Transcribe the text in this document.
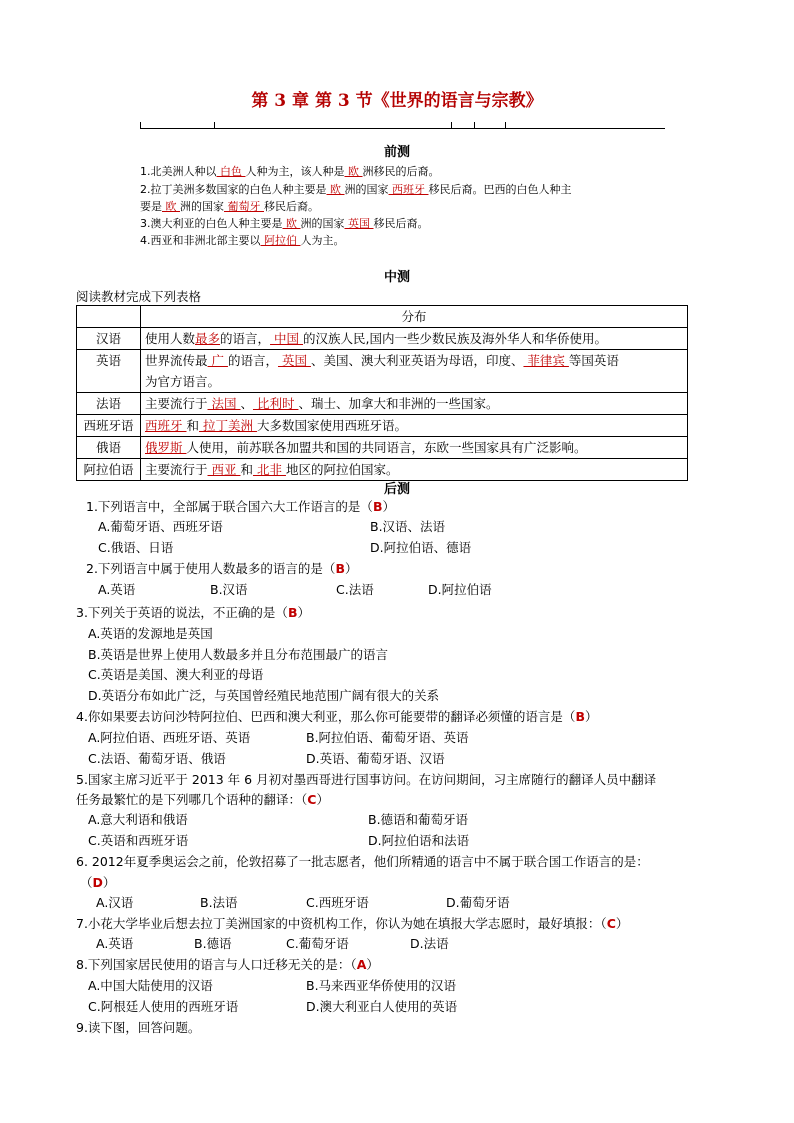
第 3 章 第 3 节《世界的语言与宗教》
前测
1.北美洲人种以 白色 人种为主，该人种是 欧 洲移民的后裔。
2.拉丁美洲多数国家的白色人种主要是 欧 洲的国家 西班牙 移民后裔。巴西的白色人种主
要是 欧 洲的国家 葡萄牙 移民后裔。
3.澳大利亚的白色人种主要是 欧 洲的国家 英国 移民后裔。
4.西亚和非洲北部主要以 阿拉伯 人为主。
中测
阅读教材完成下列表格
	分布
汉语	使用人数最多的语言， 中国 的汉族人民,国内一些少数民族及海外华人和华侨使用。

英语	世界流传最 广 的语言， 英国 、美国、澳大利亚英语为母语，印度、 菲律宾 等国英语
为官方语言。

法语	主要流行于 法国 、 比利时 、瑞士、加拿大和非洲的一些国家。

西班牙语	西班牙 和 拉丁美洲 大多数国家使用西班牙语。

俄语	俄罗斯 人使用，前苏联各加盟共和国的共同语言，东欧一些国家具有广泛影响。

阿拉伯语	主要流行于 西亚 和 北非 地区的阿拉伯国家。
后测
1.下列语言中，全部属于联合国六大工作语言的是（B）
A.葡萄牙语、西班牙语	B.汉语、法语
C.俄语、日语	D.阿拉伯语、德语
2.下列语言中属于使用人数最多的语言的是（B）
A.英语	B.汉语	C.法语	D.阿拉伯语
3.下列关于英语的说法，不正确的是（B）
A.英语的发源地是英国
B.英语是世界上使用人数最多并且分布范围最广的语言
C.英语是美国、澳大利亚的母语
D.英语分布如此广泛，与英国曾经殖民地范围广阔有很大的关系
4.你如果要去访问沙特阿拉伯、巴西和澳大利亚，那么你可能要带的翻译必须懂的语言是（B）
A.阿拉伯语、西班牙语、英语	B.阿拉伯语、葡萄牙语、英语
C.法语、葡萄牙语、俄语	D.英语、葡萄牙语、汉语
5.国家主席习近平于 2013 年 6 月初对墨西哥进行国事访问。在访问期间，习主席随行的翻译人员中翻译
任务最繁忙的是下列哪几个语种的翻译：（C）
A.意大利语和俄语	B.德语和葡萄牙语
C.英语和西班牙语	D.阿拉伯语和法语
6. 2012年夏季奥运会之前，伦敦招募了一批志愿者，他们所精通的语言中不属于联合国工作语言的是：
（D）
A.汉语	B.法语	C.西班牙语	D.葡萄牙语
7.小花大学毕业后想去拉丁美洲国家的中资机构工作，你认为她在填报大学志愿时，最好填报：（C）
A.英语	B.德语	C.葡萄牙语	D.法语
8.下列国家居民使用的语言与人口迁移无关的是：（A）
A.中国大陆使用的汉语	B.马来西亚华侨使用的汉语
C.阿根廷人使用的西班牙语	D.澳大利亚白人使用的英语
9.读下图，回答问题。
